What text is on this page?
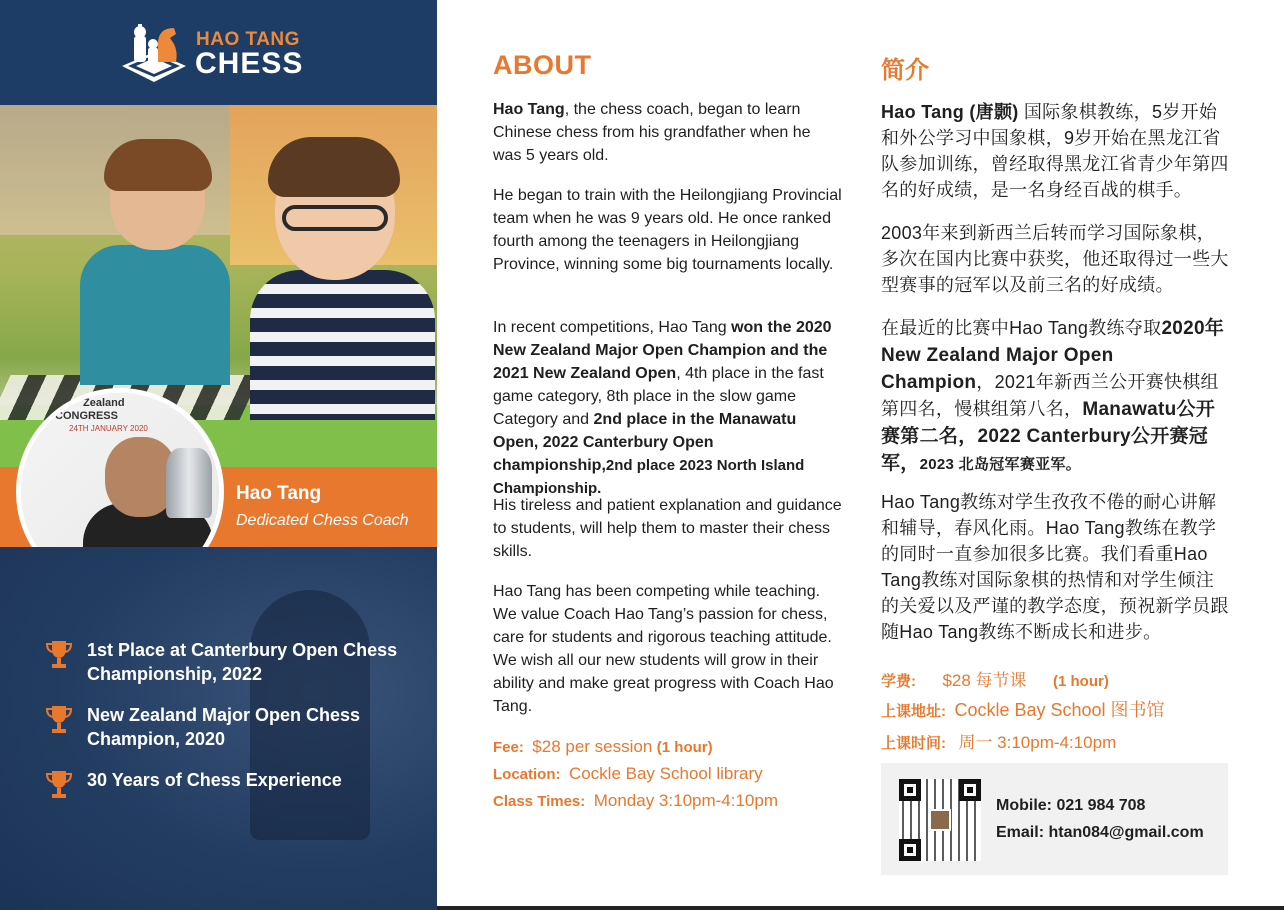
HAO TANG
CHESS
Hao Tang
Dedicated Chess Coach
Zealand
CONGRESS
24TH JANUARY 2020
1st Place at Canterbury Open Chess Championship, 2022
New Zealand Major Open Chess Champion, 2020
30 Years of Chess Experience
ABOUT

Hao Tang, the chess coach, began to learn Chinese chess from his grandfather when he was 5 years old.

He began to train with the Heilongjiang Provincial team when he was 9 years old. He once ranked fourth among the teenagers in Heilongjiang Province, winning some big tournaments locally.

In recent competitions, Hao Tang won the 2020 New Zealand Major Open Champion and the 2021 New Zealand Open, 4th place in the fast game category, 8th place in the slow game Category and 2nd place in the Manawatu Open, 2022 Canterbury Open championship,2nd place 2023 North Island Championship.

His tireless and patient explanation and guidance to students, will help them to master their chess skills.

Hao Tang has been competing while teaching. We value Coach Hao Tang’s passion for chess, care for students and rigorous teaching attitude. We wish all our new students will grow in their ability and make great progress with Coach Hao Tang.

Fee: $28 per session (1 hour)
Location: Cockle Bay School library
Class Times: Monday 3:10pm-4:10pm
简介

Hao Tang (唐颢) 国际象棋教练，5岁开始和外公学习中国象棋，9岁开始在黑龙江省队参加训练，曾经取得黑龙江省青少年第四名的好成绩，是一名身经百战的棋手。

2003年来到新西兰后转而学习国际象棋，多次在国内比赛中获奖，他还取得过一些大型赛事的冠军以及前三名的好成绩。

在最近的比赛中Hao Tang教练夺取2020年 New Zealand Major Open Champion，2021年新西兰公开赛快棋组第四名，慢棋组第八名，Manawatu公开赛第二名，2022 Canterbury公开赛冠军，2023 北岛冠军赛亚军。

Hao Tang教练对学生孜孜不倦的耐心讲解和辅导，春风化雨。Hao Tang教练在教学的同时一直参加很多比赛。我们看重Hao Tang教练对国际象棋的热情和对学生倾注的关爱以及严谨的教学态度，预祝新学员跟随Hao Tang教练不断成长和进步。

学费: $28 每节课 (1 hour)
上课地址: Cockle Bay School 图书馆
上课时间: 周一 3:10pm-4:10pm
Mobile: 021 984 708
Email: htan084@gmail.com
